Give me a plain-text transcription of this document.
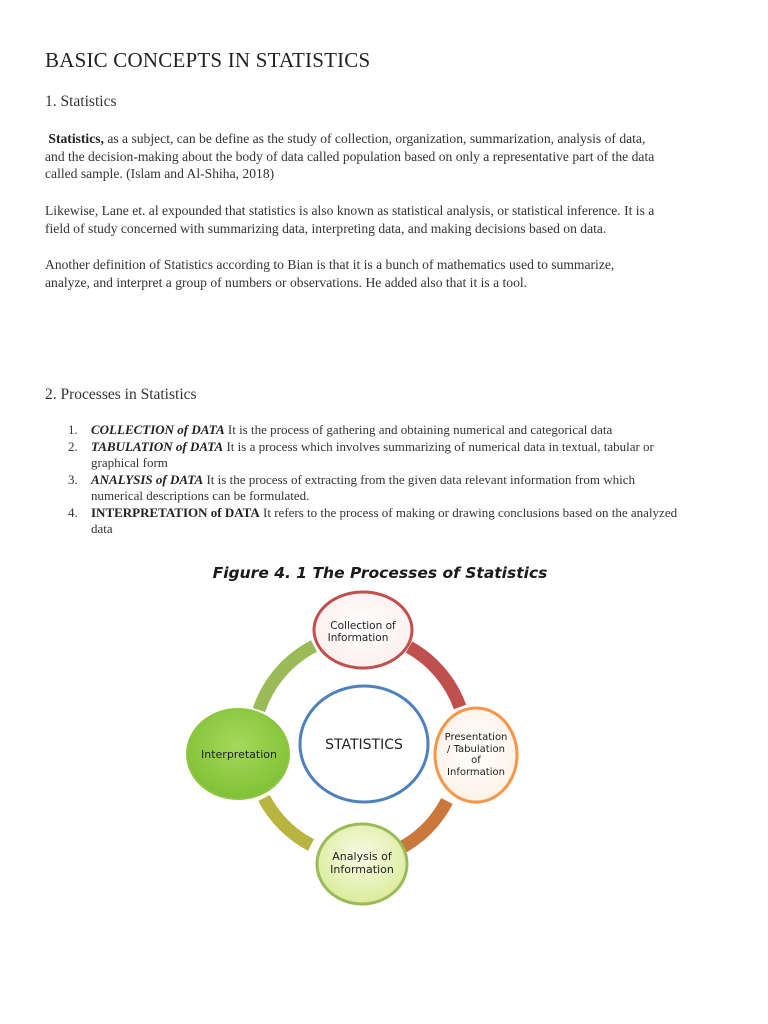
BASIC CONCEPTS IN STATISTICS
1. Statistics

Statistics, as a subject, can be define as the study of collection, organization, summarization, analysis of data,
and the decision-making about the body of data called population based on only a representative part of the data
called sample. (Islam and Al-Shiha, 2018)

Likewise, Lane et. al expounded that statistics is also known as statistical analysis, or statistical inference. It is a
field of study concerned with summarizing data, interpreting data, and making decisions based on data.

Another definition of Statistics according to Bian is that it is a bunch of mathematics used to summarize,
analyze, and interpret a group of numbers or observations. He added also that it is a tool.

2. Processes in Statistics
1. COLLECTION of DATA It is the process of gathering and obtaining numerical and categorical data
2. TABULATION of DATA It is a process which involves summarizing of numerical data in textual, tabular or
graphical form
3. ANALYSIS of DATA It is the process of extracting from the given data relevant information from which
numerical descriptions can be formulated.
4. INTERPRETATION of DATA It refers to the process of making or drawing conclusions based on the analyzed
data
Figure 4. 1 The Processes of Statistics
STATISTICS
Collection of
Information
Presentation
/ Tabulation
of
Information
Analysis of
Information
Interpretation
